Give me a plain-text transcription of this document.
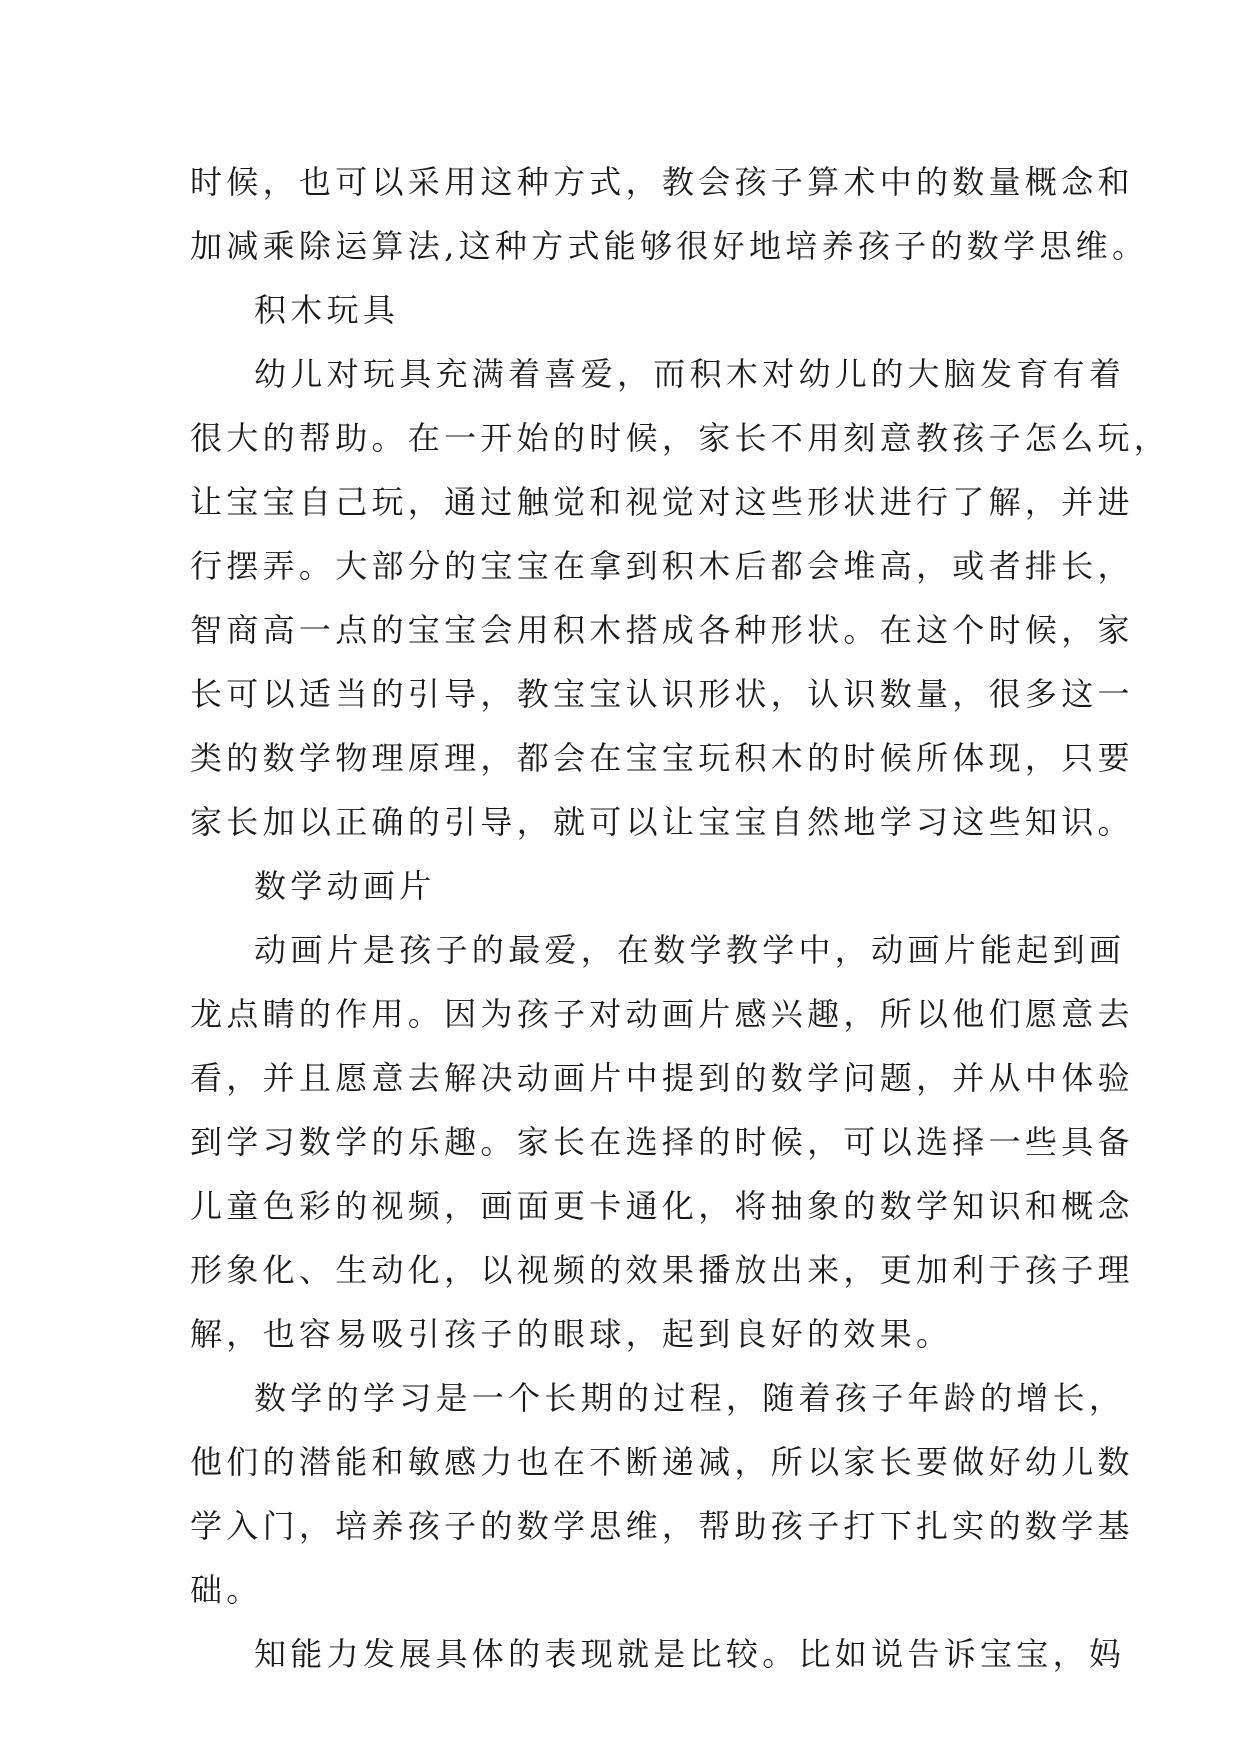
时候，也可以采用这种方式，教会孩子算术中的数量概念和
加减乘除运算法,这种方式能够很好地培养孩子的数学思维。
积木玩具
幼儿对玩具充满着喜爱，而积木对幼儿的大脑发育有着
很大的帮助。在一开始的时候，家长不用刻意教孩子怎么玩，
让宝宝自己玩，通过触觉和视觉对这些形状进行了解，并进
行摆弄。大部分的宝宝在拿到积木后都会堆高，或者排长，
智商高一点的宝宝会用积木搭成各种形状。在这个时候，家
长可以适当的引导，教宝宝认识形状，认识数量，很多这一
类的数学物理原理，都会在宝宝玩积木的时候所体现，只要
家长加以正确的引导，就可以让宝宝自然地学习这些知识。
数学动画片
动画片是孩子的最爱，在数学教学中，动画片能起到画
龙点睛的作用。因为孩子对动画片感兴趣，所以他们愿意去
看，并且愿意去解决动画片中提到的数学问题，并从中体验
到学习数学的乐趣。家长在选择的时候，可以选择一些具备
儿童色彩的视频，画面更卡通化，将抽象的数学知识和概念
形象化、生动化，以视频的效果播放出来，更加利于孩子理
解，也容易吸引孩子的眼球，起到良好的效果。
数学的学习是一个长期的过程，随着孩子年龄的增长，
他们的潜能和敏感力也在不断递减，所以家长要做好幼儿数
学入门，培养孩子的数学思维，帮助孩子打下扎实的数学基
础。
知能力发展具体的表现就是比较。比如说告诉宝宝，妈
